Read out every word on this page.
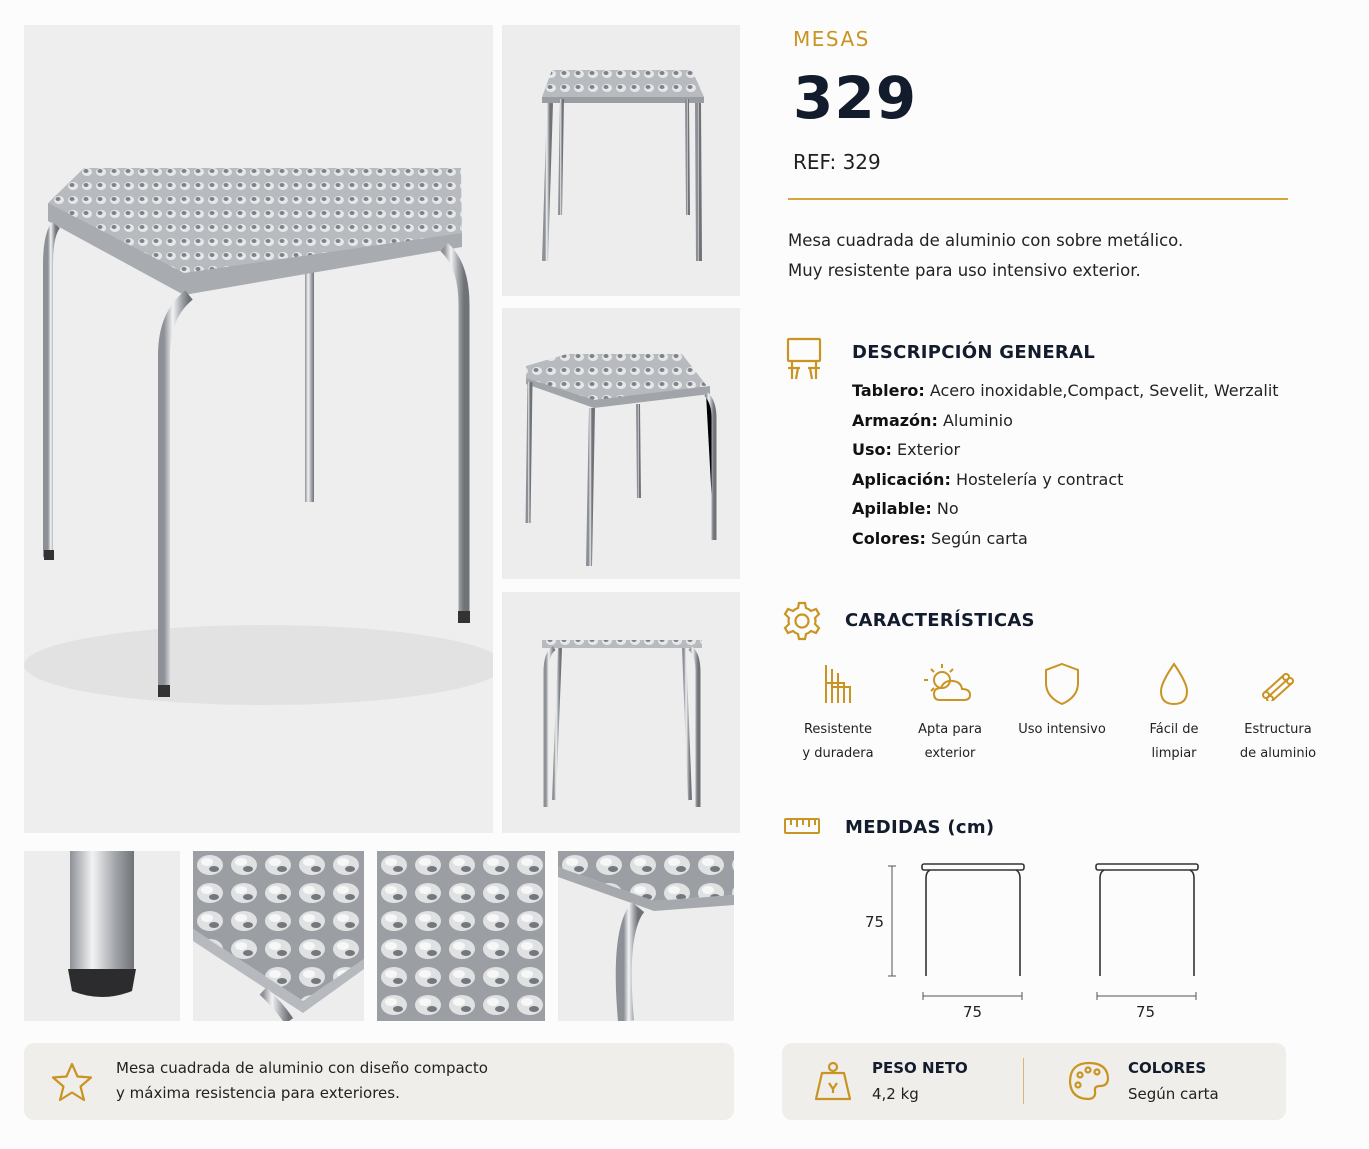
MESAS
329
REF: 329
Mesa cuadrada de aluminio con sobre metálico.
Muy resistente para uso intensivo exterior.
DESCRIPCIÓN GENERAL
Tablero: Acero inoxidable,Compact, Sevelit, Werzalit
Armazón: Aluminio
Uso: Exterior
Aplicación: Hostelería y contract
Apilable: No
Colores: Según carta
CARACTERÍSTICAS
Resistente
y duradera
Apta para
exterior
Uso intensivo	Fácil de
limpiar
Estructura
de aluminio
MEDIDAS (cm)
75
75	75
Mesa cuadrada de aluminio con diseño compacto
y máxima resistencia para exteriores.
PESO NETO
4,2 kg
COLORES
Según carta
